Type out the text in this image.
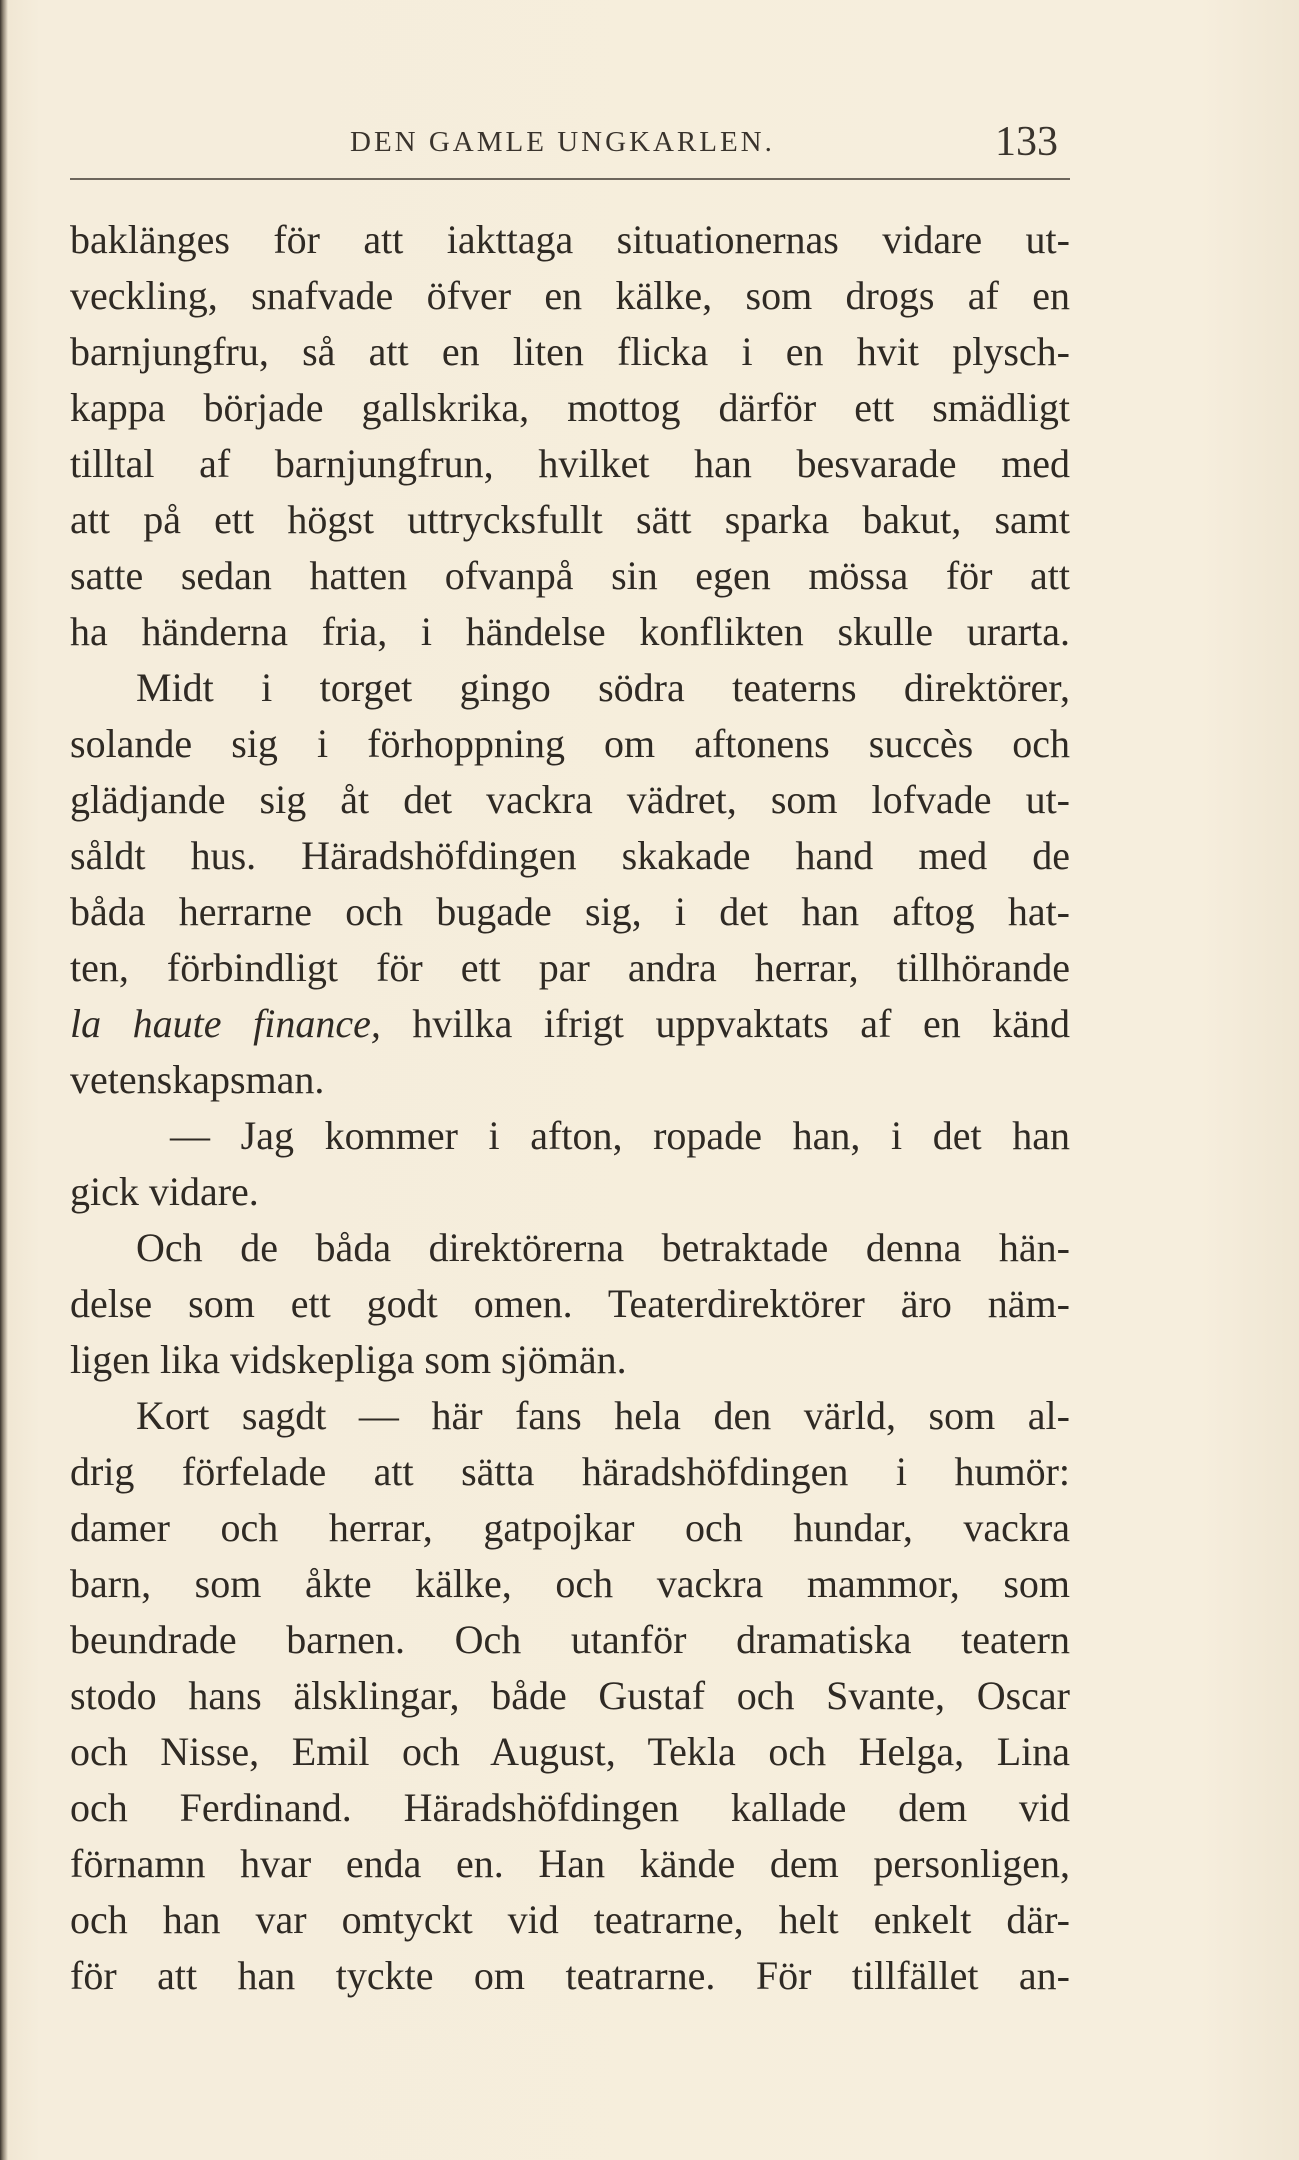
DEN GAMLE UNGKARLEN.	133
baklänges för att iakttaga situationernas vidare ut-
veckling, snafvade öfver en kälke, som drogs af en
barnjungfru, så att en liten flicka i en hvit plysch-
kappa började gallskrika, mottog därför ett smädligt
tilltal af barnjungfrun, hvilket han besvarade med
att på ett högst uttrycksfullt sätt sparka bakut, samt
satte sedan hatten ofvanpå sin egen mössa för att
ha händerna fria, i händelse konflikten skulle urarta.
Midt i torget gingo södra teaterns direktörer,
solande sig i förhoppning om aftonens succès och
glädjande sig åt det vackra vädret, som lofvade ut-
såldt hus. Häradshöfdingen skakade hand med de
båda herrarne och bugade sig, i det han aftog hat-
ten, förbindligt för ett par andra herrar, tillhörande
la haute finance, hvilka ifrigt uppvaktats af en känd
vetenskapsman.
— Jag kommer i afton, ropade han, i det han
gick vidare.
Och de båda direktörerna betraktade denna hän-
delse som ett godt omen. Teaterdirektörer äro näm-
ligen lika vidskepliga som sjömän.
Kort sagdt — här fans hela den värld, som al-
drig förfelade att sätta häradshöfdingen i humör:
damer och herrar, gatpojkar och hundar, vackra
barn, som åkte kälke, och vackra mammor, som
beundrade barnen. Och utanför dramatiska teatern
stodo hans älsklingar, både Gustaf och Svante, Oscar
och Nisse, Emil och August, Tekla och Helga, Lina
och Ferdinand. Häradshöfdingen kallade dem vid
förnamn hvar enda en. Han kände dem personligen,
och han var omtyckt vid teatrarne, helt enkelt där-
för att han tyckte om teatrarne. För tillfället an-
